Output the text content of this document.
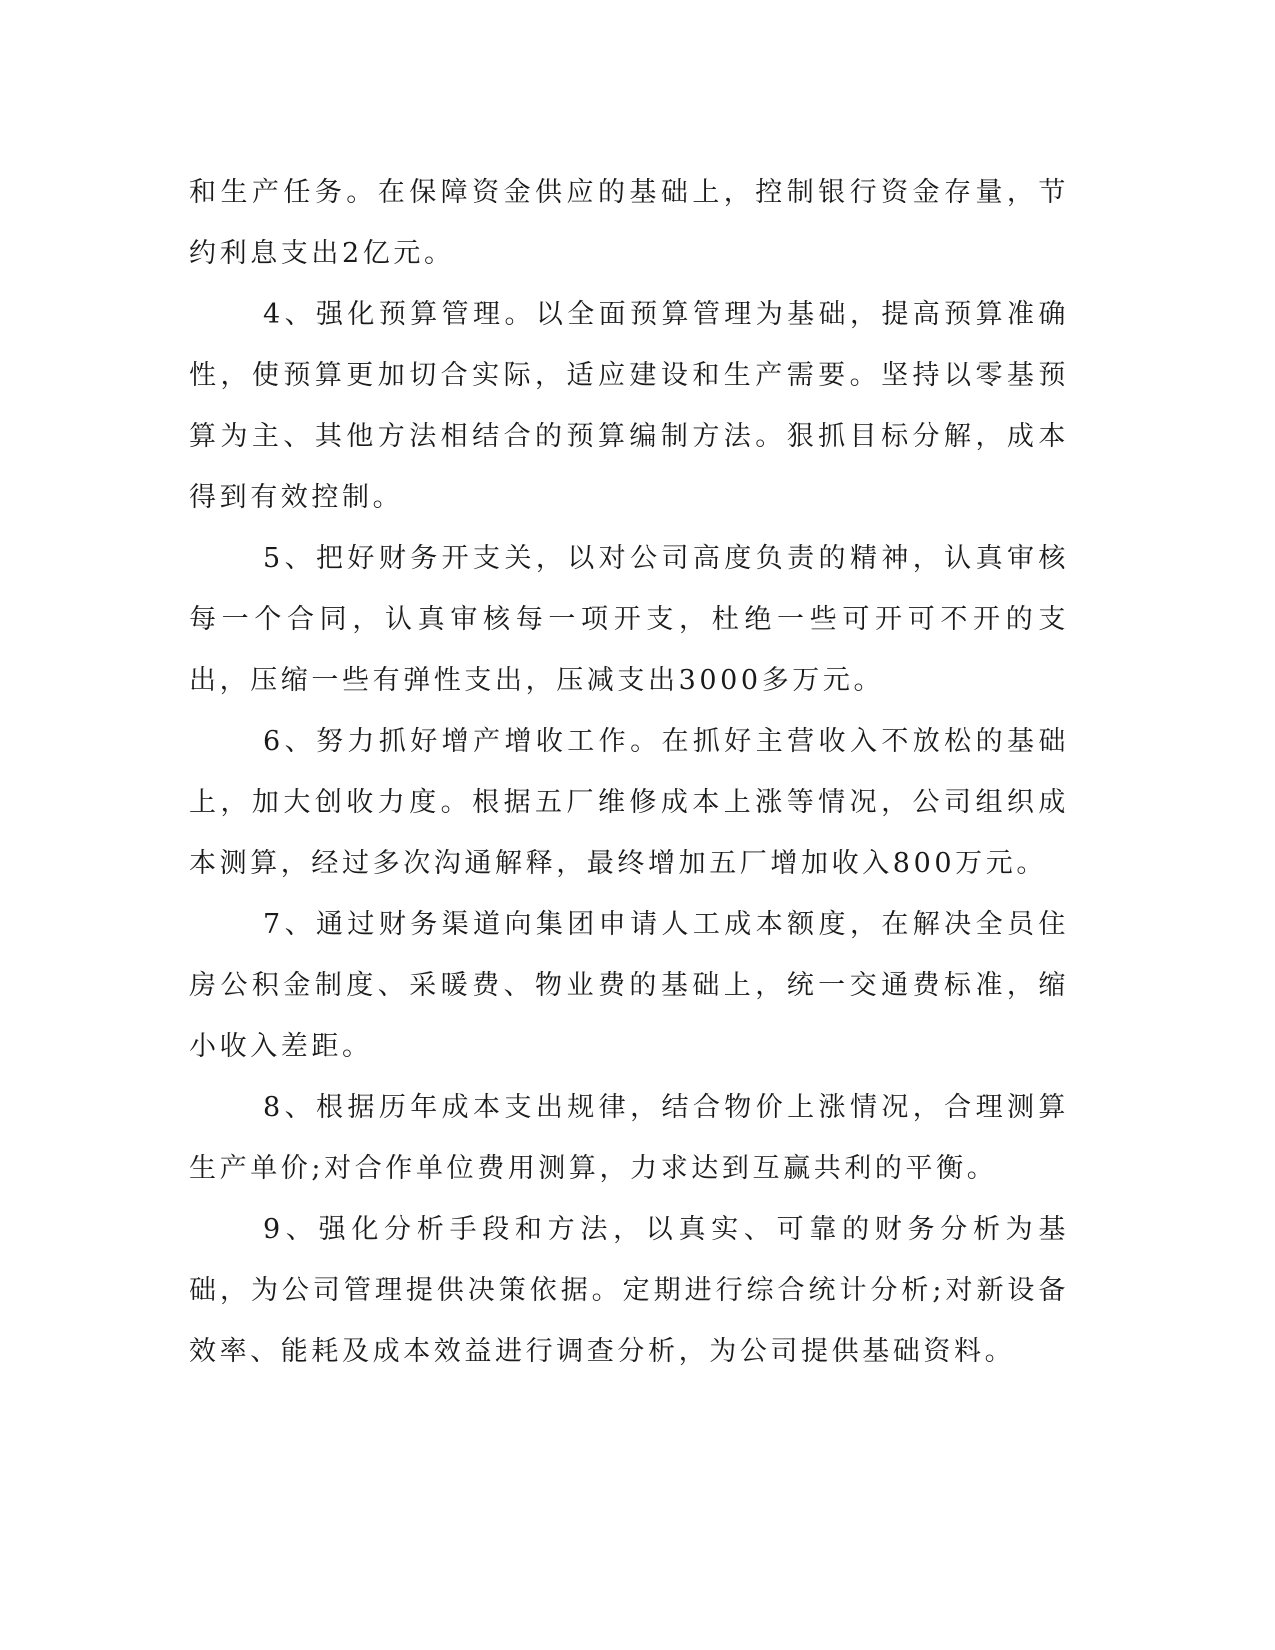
和生产任务。在保障资金供应的基础上，控制银行资金存量，节约利息支出2亿元。

4、强化预算管理。以全面预算管理为基础，提高预算准确性，使预算更加切合实际，适应建设和生产需要。坚持以零基预算为主、其他方法相结合的预算编制方法。狠抓目标分解，成本得到有效控制。

5、把好财务开支关，以对公司高度负责的精神，认真审核每一个合同，认真审核每一项开支，杜绝一些可开可不开的支出，压缩一些有弹性支出，压减支出3000多万元。

6、努力抓好增产增收工作。在抓好主营收入不放松的基础上，加大创收力度。根据五厂维修成本上涨等情况，公司组织成本测算，经过多次沟通解释，最终增加五厂增加收入800万元。

7、通过财务渠道向集团申请人工成本额度，在解决全员住房公积金制度、采暖费、物业费的基础上，统一交通费标准，缩小收入差距。

8、根据历年成本支出规律，结合物价上涨情况，合理测算生产单价;对合作单位费用测算，力求达到互赢共利的平衡。

9、强化分析手段和方法，以真实、可靠的财务分析为基础，为公司管理提供决策依据。定期进行综合统计分析;对新设备效率、能耗及成本效益进行调查分析，为公司提供基础资料。
